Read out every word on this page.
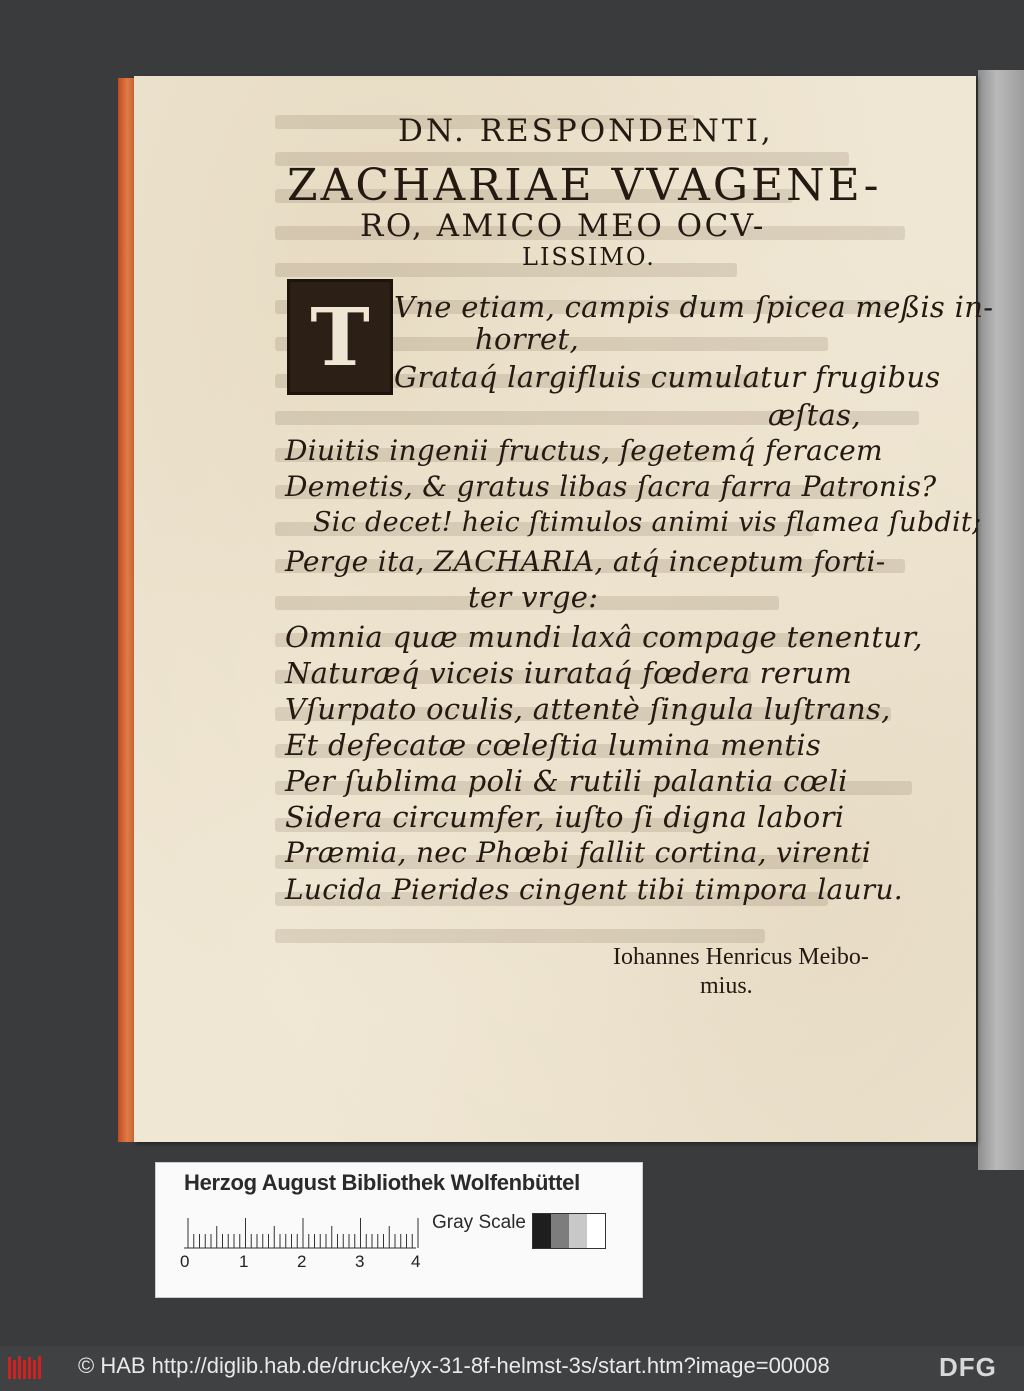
DN. RESPONDENTI,
ZACHARIAE VVAGENE-
RO, AMICO MEO OCV-
LISSIMO.
T Vne etiam, campis dum ſpicea meßis in-
horret,
Grataq́ largifluis cumulatur frugibus
æſtas,
Diuitis ingenii fructus, ſegetemq́ feracem
Demetis, & gratus libas ſacra farra Patronis?
Sic decet! heic ſtimulos animi vis flamea ſubdit;
Perge ita, ZACHARIA, atq́ inceptum forti-
ter vrge:
Omnia quæ mundi laxâ compage tenentur,
Naturæq́ viceis iurataq́ fœdera rerum
Vſurpato oculis, attentè ſingula luſtrans,
Et defecatæ cœleſtia lumina mentis
Per ſublima poli & rutili palantia cœli
Sidera circumfer, iuſto ſi digna labori
Præmia, nec Phœbi fallit cortina, virenti
Lucida Pierides cingent tibi timpora lauru.
Iohannes Henricus Meibo-
mius.
Herzog August Bibliothek Wolfenbüttel
0	1	2	3	4
Gray Scale
© HAB http://diglib.hab.de/drucke/yx-31-8f-helmst-3s/start.htm?image=00008	DFG
